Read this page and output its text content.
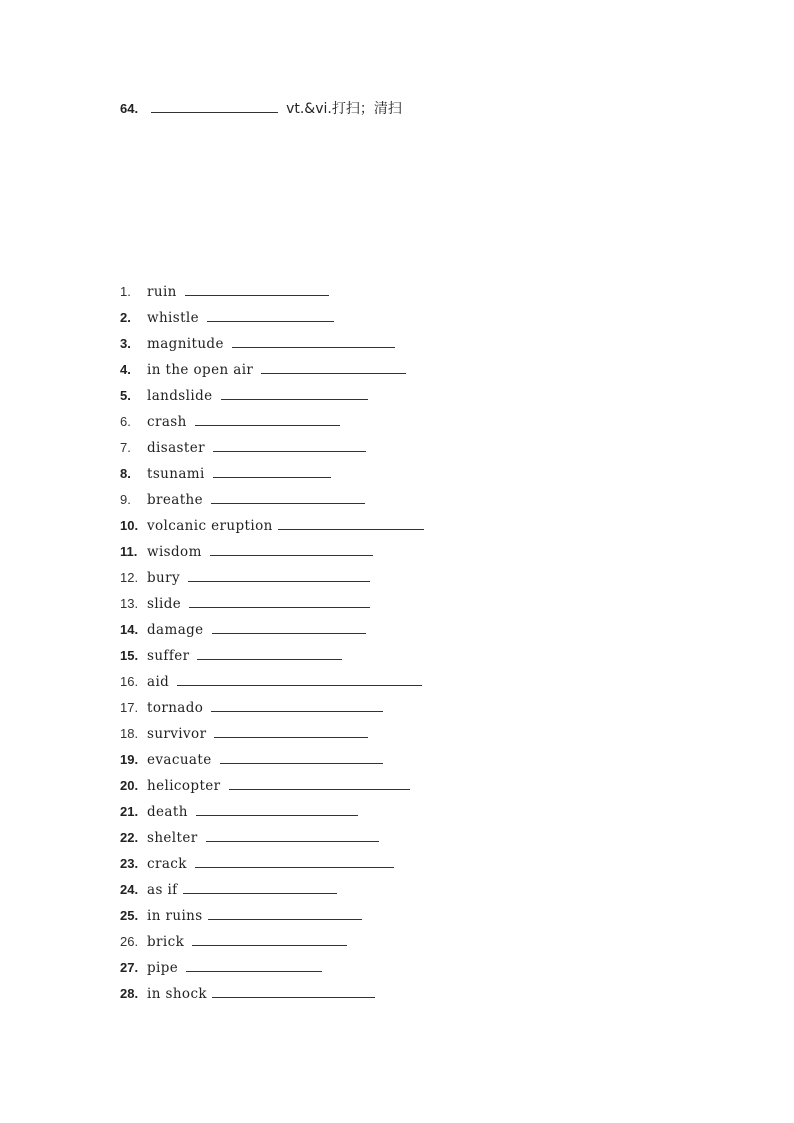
64.	vt.&vi.打扫；清扫
1.	ruin
2.	whistle
3.	magnitude
4.	in the open air
5.	landslide
6.	crash
7.	disaster
8.	tsunami
9.	breathe
10. volcanic eruption
11. wisdom
12. bury
13. slide
14. damage
15. suffer
16. aid
17. tornado
18. survivor
19. evacuate
20. helicopter
21. death
22. shelter
23. crack
24. as if
25. in ruins
26. brick
27. pipe
28. in shock
